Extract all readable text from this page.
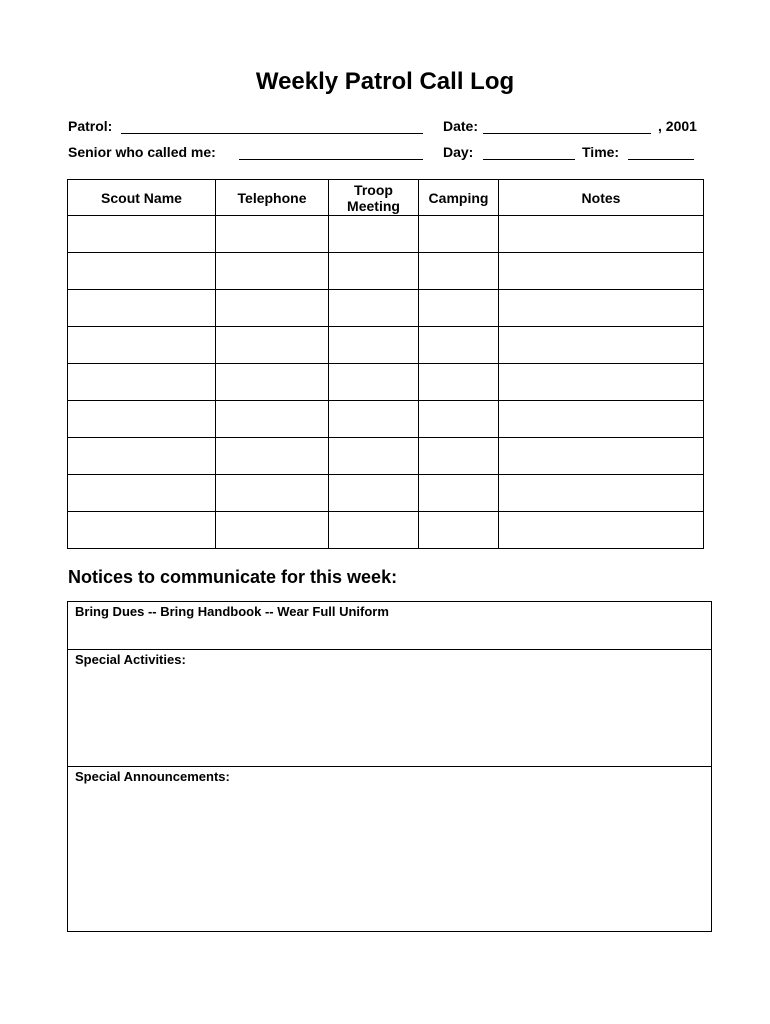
Weekly Patrol Call Log
Patrol:	Date:	, 2001
Senior who called me:	Day:	Time:
Scout Name	Telephone	Troop Meeting	Camping	Notes

Notices to communicate for this week:
Bring Dues -- Bring Handbook -- Wear Full Uniform
Special Activities:
Special Announcements:
